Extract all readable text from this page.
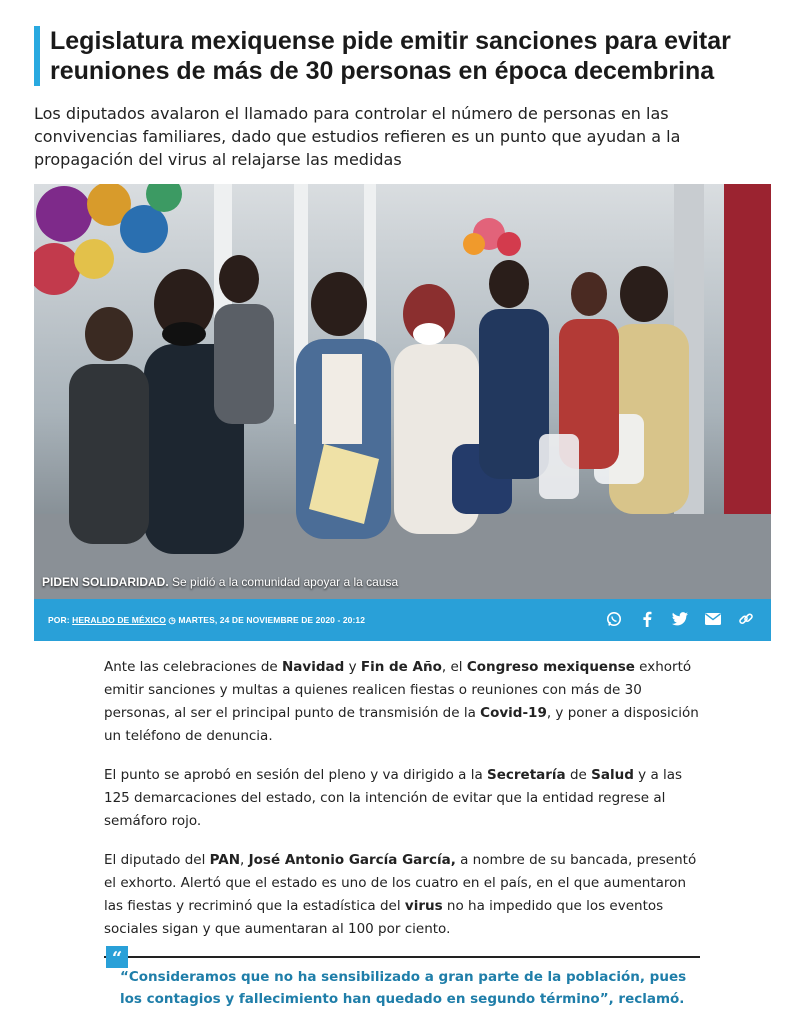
Legislatura mexiquense pide emitir sanciones para evitar reuniones de más de 30 personas en época decembrina
Los diputados avalaron el llamado para controlar el número de personas en las convivencias familiares, dado que estudios refieren es un punto que ayudan a la propagación del virus al relajarse las medidas
PIDEN SOLIDARIDAD. Se pidió a la comunidad apoyar a la causa
POR: HERALDO DE MÉXICO ◷ MARTES, 24 DE NOVIEMBRE DE 2020 - 20:12

Ante las celebraciones de Navidad y Fin de Año, el Congreso mexiquense exhortó emitir sanciones y multas a quienes realicen fiestas o reuniones con más de 30 personas, al ser el principal punto de transmisión de la Covid-19, y poner a disposición un teléfono de denuncia.

El punto se aprobó en sesión del pleno y va dirigido a la Secretaría de Salud y a las 125 demarcaciones del estado, con la intención de evitar que la entidad regrese al semáforo rojo.

El diputado del PAN, José Antonio García García, a nombre de su bancada, presentó el exhorto. Alertó que el estado es uno de los cuatro en el país, en el que aumentaron las fiestas y recriminó que la estadística del virus no ha impedido que los eventos sociales sigan y que aumentaran al 100 por ciento.

“
“Consideramos que no ha sensibilizado a gran parte de la población, pues los contagios y fallecimiento han quedado en segundo término”, reclamó.
